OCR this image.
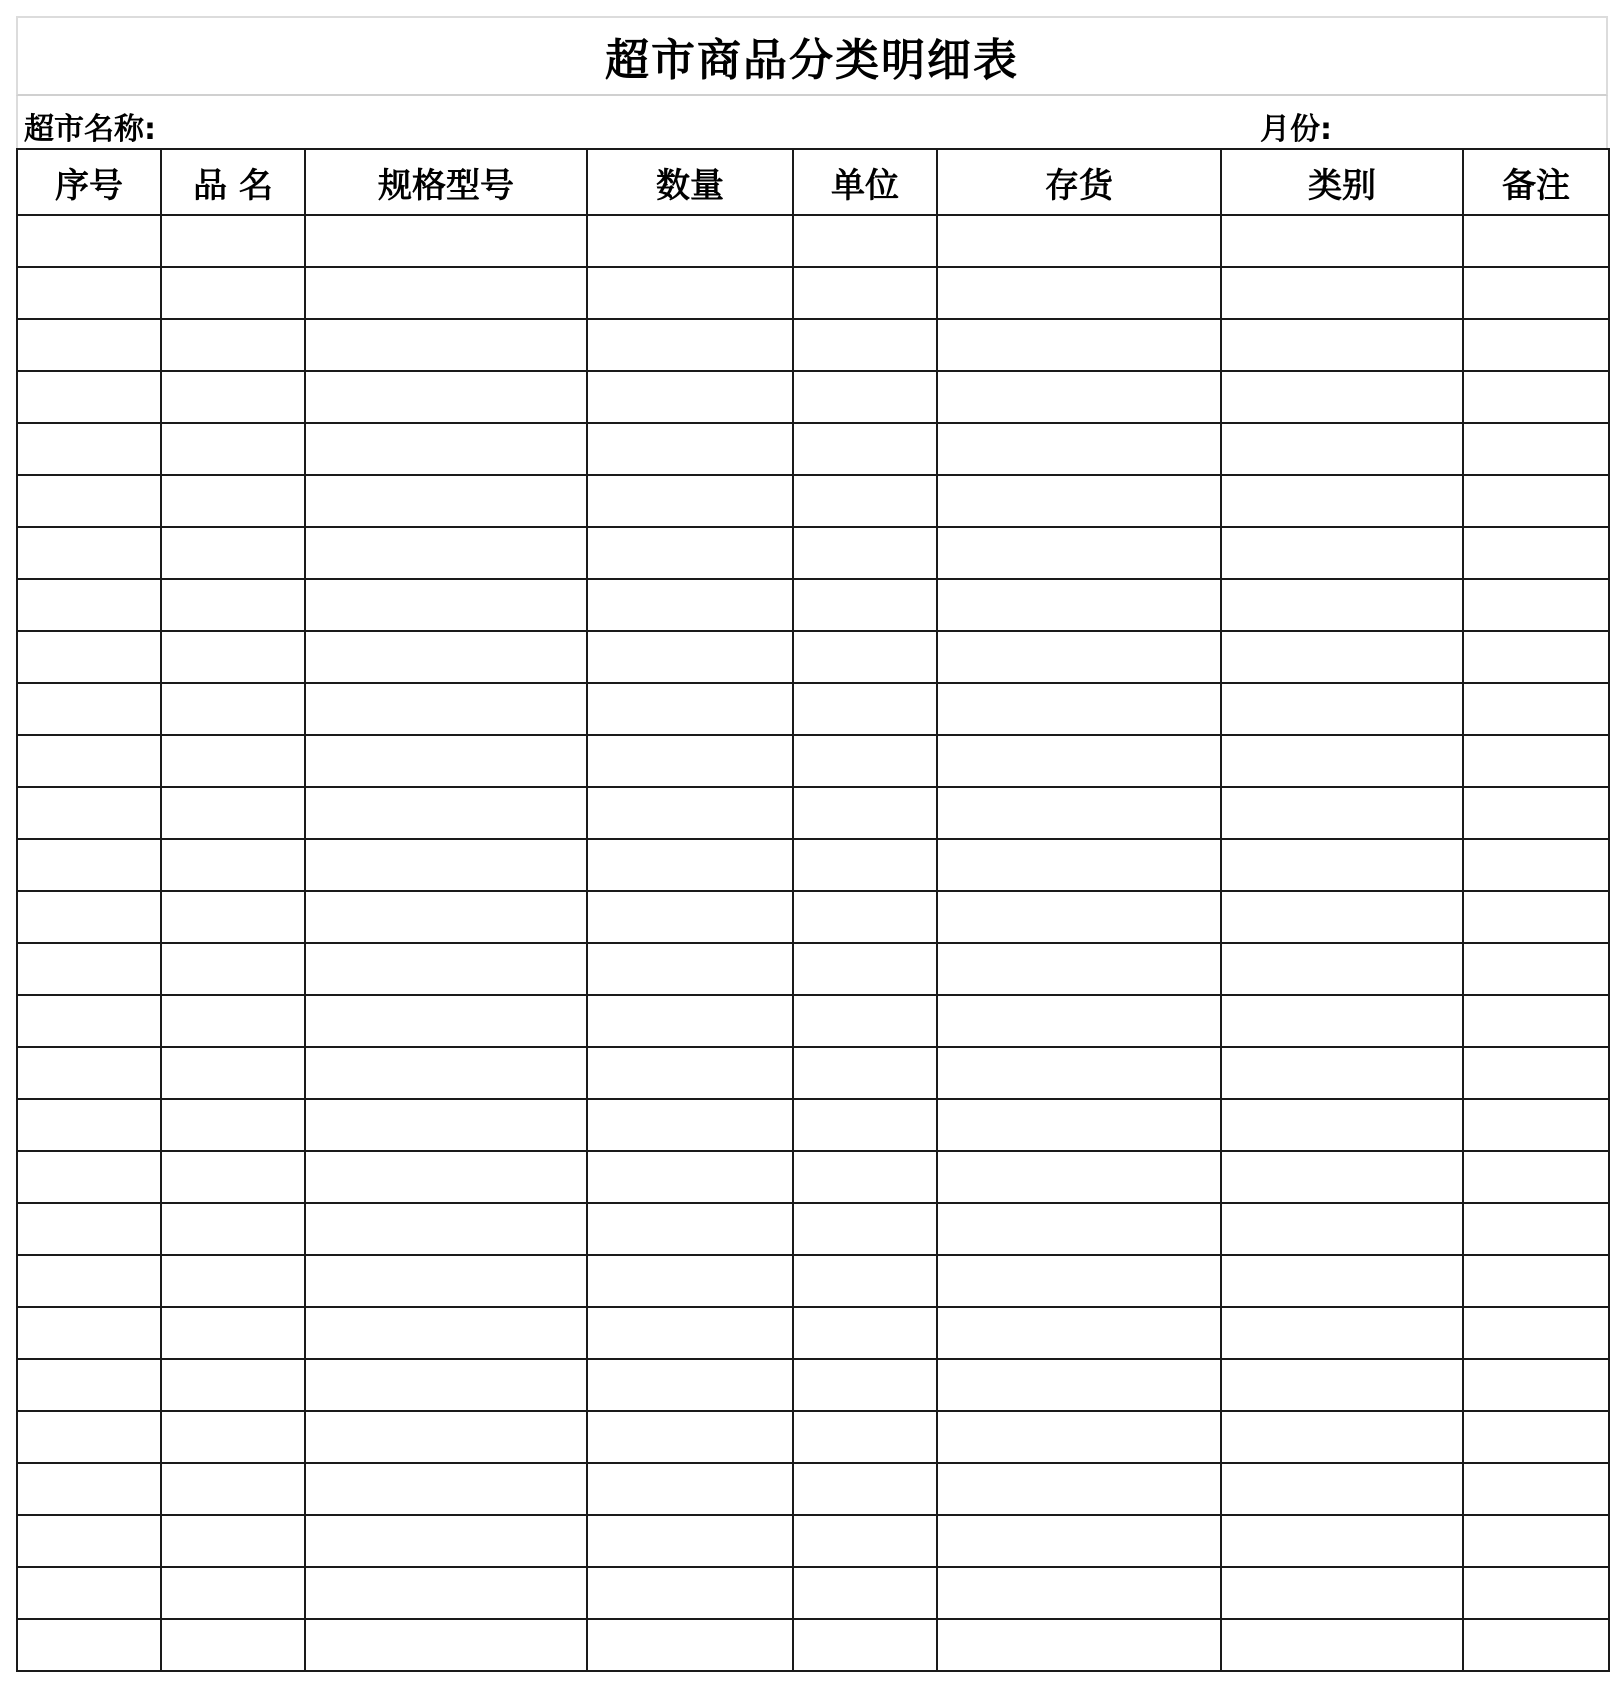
超市商品分类明细表
超市名称:	月份:
序号	品 名	规格型号	数量	单位	存货	类别	备注
